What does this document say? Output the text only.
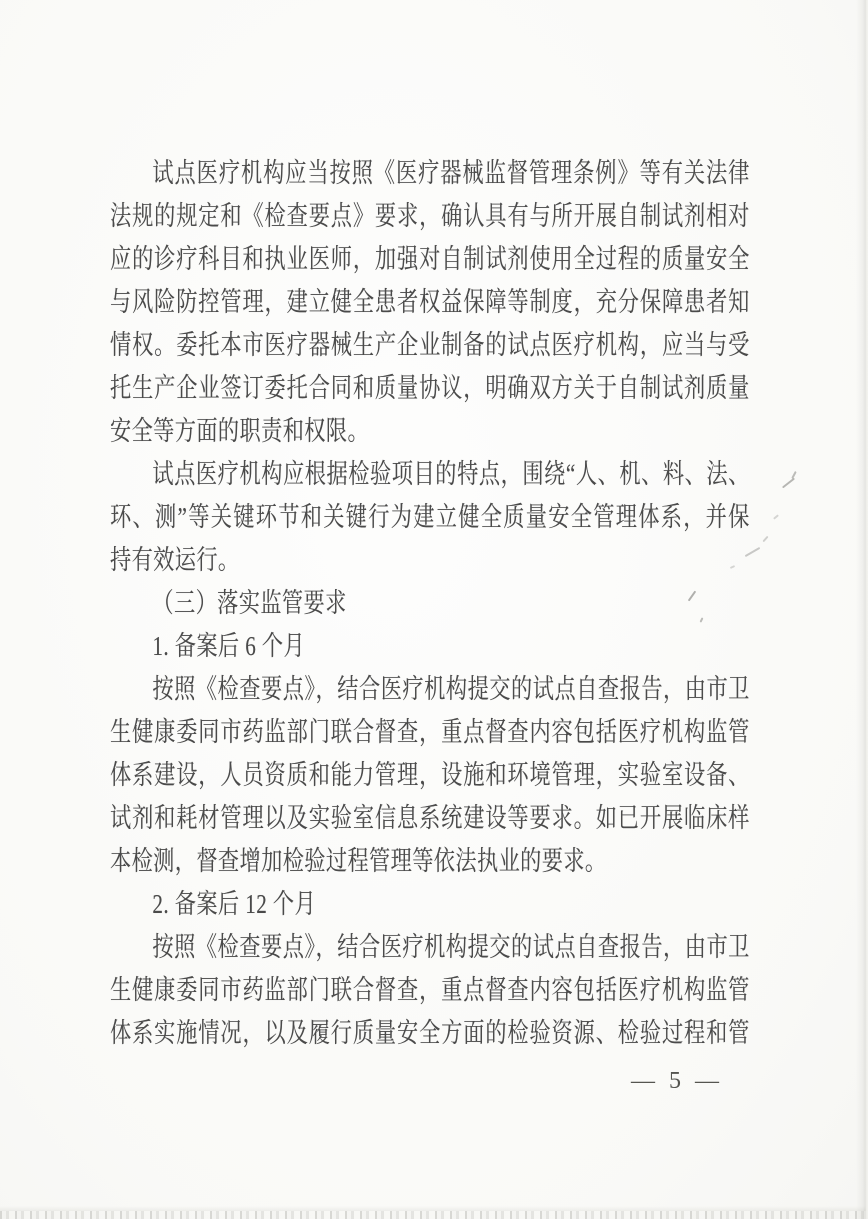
试点医疗机构应当按照《医疗器械监督管理条例》等有关法律
法规的规定和《检查要点》要求，确认具有与所开展自制试剂相对
应的诊疗科目和执业医师，加强对自制试剂使用全过程的质量安全
与风险防控管理，建立健全患者权益保障等制度，充分保障患者知
情权。委托本市医疗器械生产企业制备的试点医疗机构，应当与受
托生产企业签订委托合同和质量协议，明确双方关于自制试剂质量
安全等方面的职责和权限。
试点医疗机构应根据检验项目的特点，围绕“人、机、料、法、
环、测”等关键环节和关键行为建立健全质量安全管理体系，并保
持有效运行。
（三）落实监管要求
1. 备案后 6 个月
按照《检查要点》，结合医疗机构提交的试点自查报告，由市卫
生健康委同市药监部门联合督查，重点督查内容包括医疗机构监管
体系建设，人员资质和能力管理，设施和环境管理，实验室设备、
试剂和耗材管理以及实验室信息系统建设等要求。如已开展临床样
本检测，督查增加检验过程管理等依法执业的要求。
2. 备案后 12 个月
按照《检查要点》，结合医疗机构提交的试点自查报告，由市卫
生健康委同市药监部门联合督查，重点督查内容包括医疗机构监管
体系实施情况，以及履行质量安全方面的检验资源、检验过程和管
— 5 —
